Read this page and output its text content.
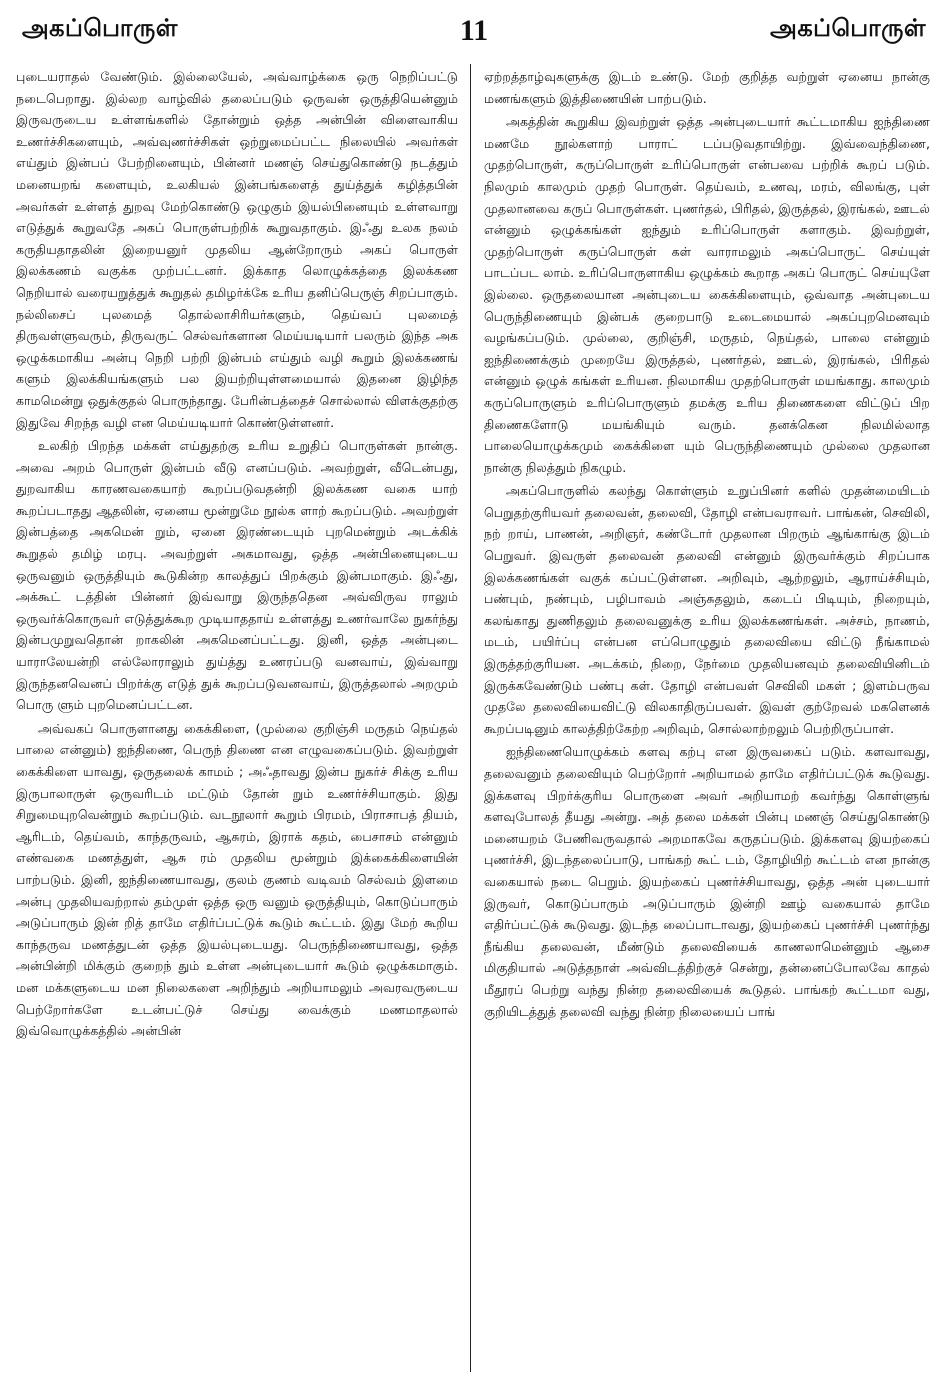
அகப்பொருள்	11	அகப்பொருள்

புடையராதல் வேண்டும். இல்லையேல், அவ்வாழ்க்கை ஒரு நெறிப்பட்டு நடைபெறாது. இல்லற வாழ்வில் தலைப்படும் ஒருவன் ஒருத்தியென்னும் இருவருடைய உள்ளங்களில் தோன்றும் ஒத்த அன்பின் விளைவாகிய உணர்ச்சிகளையும், அவ்வுணர்ச்சிகள் ஒற்றுமைப்பட்ட நிலையில் அவர்கள் எய்தும் இன்பப் பேற்றினையும், பின்னர் மணஞ் செய்துகொண்டு நடத்தும் மனையறங் களையும், உலகியல் இன்பங்களைத் துய்த்துக் கழித்தபின் அவர்கள் உள்ளத் துறவு மேற்கொண்டு ஒழுகும் இயல்பினையும் உள்ளவாறு எடுத்துக் கூறுவதே அகப் பொருள்பற்றிக் கூறுவதாகும். இஃது உலக நலம் கருதியதாதலின் இறையனுர் முதலிய ஆன்றோரும் அகப் பொருள் இலக்கணம் வகுக்க முற்பட்டனர். இக்காத லொழுக்கத்தை இலக்கண நெறியால் வரையறுத்துக் கூறுதல் தமிழர்க்கே உரிய தனிப்பெருஞ் சிறப்பாகும். நல்லிசைப் புலமைத் தொல்லாசிரியர்களும், தெய்வப் புலமைத் திருவள்ளுவரும், திருவருட் செல்வர்களான மெய்யடியார் பலரும் இந்த அக ஒழுக்கமாகிய அன்பு நெறி பற்றி இன்பம் எய்தும் வழி கூறும் இலக்கணங் களும் இலக்கியங்களும் பல இயற்றியுள்ளமையால் இதனை இழிந்த காமமென்று ஒதுக்குதல் பொருந்தாது. பேரின்பத்தைச் சொல்லால் விளக்குதற்கு இதுவே சிறந்த வழி என மெய்யடியார் கொண்டுள்ளனர்.

உலகிற் பிறந்த மக்கள் எய்துதற்கு உரிய உறுதிப் பொருள்கள் நான்கு. அவை அறம் பொருள் இன்பம் வீடு எனப்படும். அவற்றுள், வீடென்பது, துறவாகிய காரணவகையாற் கூறப்படுவதன்றி இலக்கண வகை யாற் கூறப்படாதது ஆதலின், ஏனைய மூன்றுமே நூல்க ளாற் கூறப்படும். அவற்றுள் இன்பத்தை அகமென் றும், ஏனை இரண்டையும் புறமென்றும் அடக்கிக் கூறுதல் தமிழ் மரபு. அவற்றுள் அகமாவது, ஒத்த அன்பினையுடைய ஒருவனும் ஒருத்தியும் கூடுகின்ற காலத்துப் பிறக்கும் இன்பமாகும். இஃது, அக்கூட் டத்தின் பின்னர் இவ்வாறு இருந்ததென அவ்விருவ ராலும் ஒருவர்க்கொருவர் எடுத்துக்கூற முடியாததாய் உள்ளத்து உணர்வாலே நுகர்ந்து இன்பமுறுவதொன் றாகலின் அகமெனப்பட்டது. இனி, ஒத்த அன்புடை யாராலேயன்றி எல்லோராலும் துய்த்து உணரப்படு வனவாய், இவ்வாறு இருந்தனவெனப் பிறர்க்கு எடுத் துக் கூறப்படுவனவாய், இருத்தலால் அறமும் பொரு ளும் புறமெனப்பட்டன.

அவ்வகப் பொருளானது கைக்கிளை, (முல்லை குறிஞ்சி மருதம் நெய்தல் பாலை என்னும்) ஐந்திணை, பெருந் திணை என எழுவகைப்படும். இவற்றுள் கைக்கிளை யாவது, ஒருதலைக் காமம் ; அஃதாவது இன்ப நுகர்ச் சிக்கு உரிய இருபாலாருள் ஒருவரிடம் மட்டும் தோன் றும் உணர்ச்சியாகும். இது சிறுமையுறவென்றும் கூறப்படும். வடநூலார் கூறும் பிரமம், பிராசாபத் தியம், ஆரிடம், தெய்வம், காந்தருவம், ஆசுரம், இராக் கதம், பைசாசம் என்னும் எண்வகை மணத்துள், ஆசு ரம் முதலிய மூன்றும் இக்கைக்கிளையின் பாற்படும். இனி, ஐந்திணையாவது, குலம் குணம் வடிவம் செல்வம் இளமை அன்பு முதலியவற்றால் தம்முள் ஒத்த ஒரு வனும் ஒருத்தியும், கொடுப்பாரும் அடுப்பாரும் இன் றித் தாமே எதிர்ப்பட்டுக் கூடும் கூட்டம். இது மேற் கூறிய காந்தருவ மணத்துடன் ஒத்த இயல்புடையது. பெருந்திணையாவது, ஒத்த அன்பின்றி மிக்கும் குறைந் தும் உள்ள அன்புடையார் கூடும் ஒழுக்கமாகும். மன மக்களுடைய மன நிலைகளை அறிந்தும் அறியாமலும் அவரவருடைய பெற்றோர்களே உடன்பட்டுச் செய்து வைக்கும் மணமாதலால் இவ்வொழுக்கத்தில் அன்பின்

ஏற்றத்தாழ்வுகளுக்கு இடம் உண்டு. மேற் குறித்த வற்றுள் ஏனைய நான்கு மணங்களும் இத்திணையின் பாற்படும்.

அகத்தின் கூறுகிய இவற்றுள் ஒத்த அன்புடையார் கூட்டமாகிய ஐந்திணை மணமே நூல்களாற் பாராட் டப்படுவதாயிற்று. இவ்வைந்திணை, முதற்பொருள், கருப்பொருள் உரிப்பொருள் என்பவை பற்றிக் கூறப் படும். நிலமும் காலமும் முதற் பொருள். தெய்வம், உணவு, மரம், விலங்கு, புள் முதலானவை கருப் பொருள்கள். புணர்தல், பிரிதல், இருத்தல், இரங்கல், ஊடல் என்னும் ஒழுக்கங்கள் ஐந்தும் உரிப்பொருள் களாகும். இவற்றுள், முதற்பொருள் கருப்பொருள் கள் வாராமலும் அகப்பொருட் செய்யுள் பாடப்பட லாம். உரிப்பொருளாகிய ஒழுக்கம் கூறாத அகப் பொருட் செய்யுளே இல்லை. ஒருதலையான அன்புடைய கைக்கிளையும், ஒவ்வாத அன்புடைய பெருந்திணையும் இன்பக் குறைபாடு உடைமையால் அகப்புறமெனவும் வழங்கப்படும். முல்லை, குறிஞ்சி, மருதம், நெய்தல், பாலை என்னும் ஐந்திணைக்கும் முறையே இருத்தல், புணர்தல், ஊடல், இரங்கல், பிரிதல் என்னும் ஒழுக் கங்கள் உரியன. நிலமாகிய முதற்பொருள் மயங்காது. காலமும் கருப்பொருளும் உரிப்பொருளும் தமக்கு உரிய திணைகளை விட்டுப் பிற திணைகளோடு மயங்கியும் வரும். தனக்கென நிலமில்லாத பாலையொழுக்கமும் கைக்கிளை யும் பெருந்திணையும் முல்லை முதலான நான்கு நிலத்தும் நிகழும்.

அகப்பொருளில் கலந்து கொள்ளும் உறுப்பினர் களில் முதன்மையிடம் பெறுதற்குரியவர் தலைவன், தலைவி, தோழி என்பவராவர். பாங்கன், செவிலி, நற் றாய், பாணன், அறிஞர், கண்டோர் முதலான பிறரும் ஆங்காங்கு இடம் பெறுவர். இவருள் தலைவன் தலைவி என்னும் இருவர்க்கும் சிறப்பாக இலக்கணங்கள் வகுக் கப்பட்டுள்ளன. அறிவும், ஆற்றலும், ஆராய்ச்சியும், பண்பும், நண்பும், பழிபாவம் அஞ்சுதலும், கடைப் பிடியும், நிறையும், கலங்காது துணிதலும் தலைவனுக்கு உரிய இலக்கணங்கள். அச்சம், நாணம், மடம், பயிர்ப்பு என்பன எப்பொழுதும் தலைவியை விட்டு நீங்காமல் இருத்தற்குரியன. அடக்கம், நிறை, நேர்மை முதலியனவும் தலைவியினிடம் இருக்கவேண்டும் பண்பு கள். தோழி என்பவள் செவிலி மகள் ; இளம்பருவ முதலே தலைவியைவிட்டு விலகாதிருப்பவள். இவள் குற்றேவல் மகளெனக் கூறப்படினும் காலத்திற்கேற்ற அறிவும், சொல்லாற்றலும் பெற்றிருப்பாள்.

ஐந்திணையொழுக்கம் களவு கற்பு என இருவகைப் படும். களவாவது, தலைவனும் தலைவியும் பெற்றோர் அறியாமல் தாமே எதிர்ப்பட்டுக் கூடுவது. இக்களவு பிறர்க்குரிய பொருளை அவர் அறியாமற் கவர்ந்து கொள்ளுங் களவுபோலத் தீயது அன்று. அத் தலை மக்கள் பின்பு மணஞ் செய்துகொண்டு மனையறம் பேணிவருவதால் அறமாகவே கருதப்படும். இக்களவு இயற்கைப் புணர்ச்சி, இடந்தலைப்பாடு, பாங்கற் கூட் டம், தோழியிற் கூட்டம் என நான்கு வகையால் நடை பெறும். இயற்கைப் புணர்ச்சியாவது, ஒத்த அன் புடையார் இருவர், கொடுப்பாரும் அடுப்பாரும் இன்றி ஊழ் வகையால் தாமே எதிர்ப்பட்டுக் கூடுவது. இடந்த லைப்பாடாவது, இயற்கைப் புணர்ச்சி புணர்ந்து நீங்கிய தலைவன், மீண்டும் தலைவியைக் காணலாமென்னும் ஆசை மிகுதியால் அடுத்தநாள் அவ்விடத்திற்குச் சென்று, தன்னைப்போலவே காதல் மீதூரப் பெற்று வந்து நின்ற தலைவியைக் கூடுதல். பாங்கற் கூட்டமா வது, குறியிடத்துத் தலைவி வந்து நின்ற நிலையைப் பாங்
